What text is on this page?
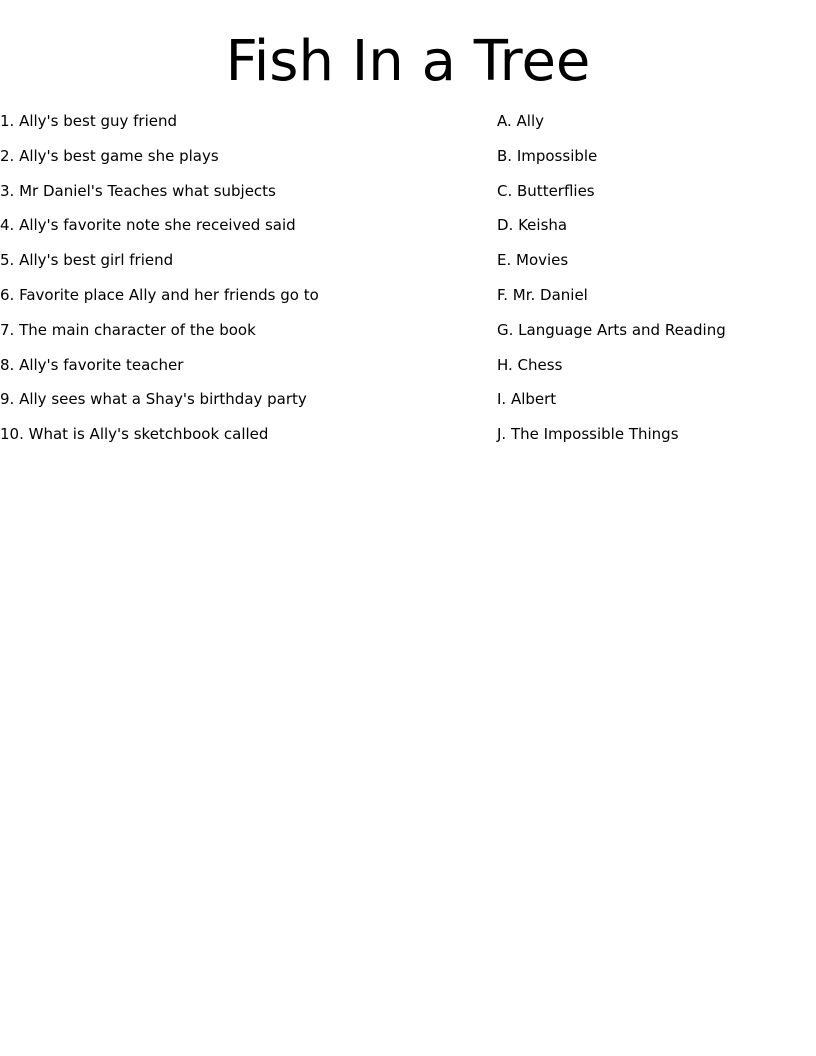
Fish In a Tree
1. Ally's best guy friend
2. Ally's best game she plays
3. Mr Daniel's Teaches what subjects
4. Ally's favorite note she received said
5. Ally's best girl friend
6. Favorite place Ally and her friends go to
7. The main character of the book
8. Ally's favorite teacher
9. Ally sees what a Shay's birthday party
10. What is Ally's sketchbook called
A. Ally
B. Impossible
C. Butterflies
D. Keisha
E. Movies
F. Mr. Daniel
G. Language Arts and Reading
H. Chess
I. Albert
J. The Impossible Things
